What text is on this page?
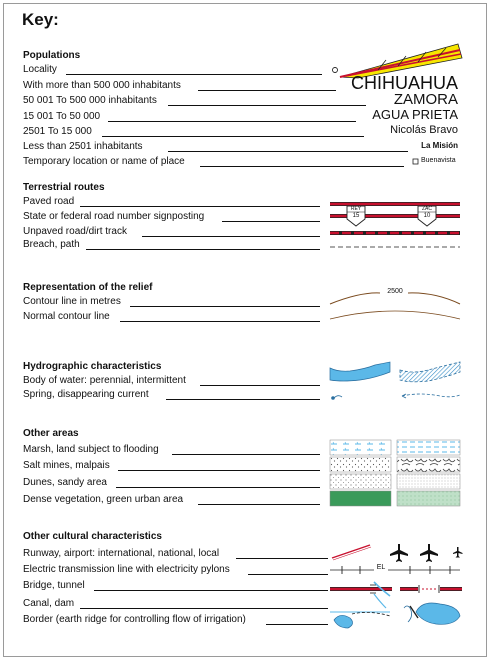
Key:
Populations
Locality
With more than 500 000 inhabitants	CHIHUAHUA
50 001 To 500 000 inhabitants	ZAMORA
15 001 To 50 000	AGUA PRIETA
2501 To 15 000	Nicolás Bravo
Less than 2501 inhabitants	La Misión
Temporary location or name of place	Buenavista
Terrestrial routes
Paved road
State or federal road number signposting
REY
15
ZAC
10
Unpaved road/dirt track
Breach, path
Representation of the relief
Contour line in metres
2500
Normal contour line
Hydrographic characteristics
Body of water: perennial, intermittent
Spring, disappearing current
Other areas
Marsh, land subject to flooding
Salt mines, malpais
Dunes, sandy area
Dense vegetation, green urban area
Other cultural characteristics
Runway, airport: international, national, local
Electric transmission line with electricity pylons	EL
Bridge, tunnel
Canal, dam
Border (earth ridge for controlling flow of irrigation)
